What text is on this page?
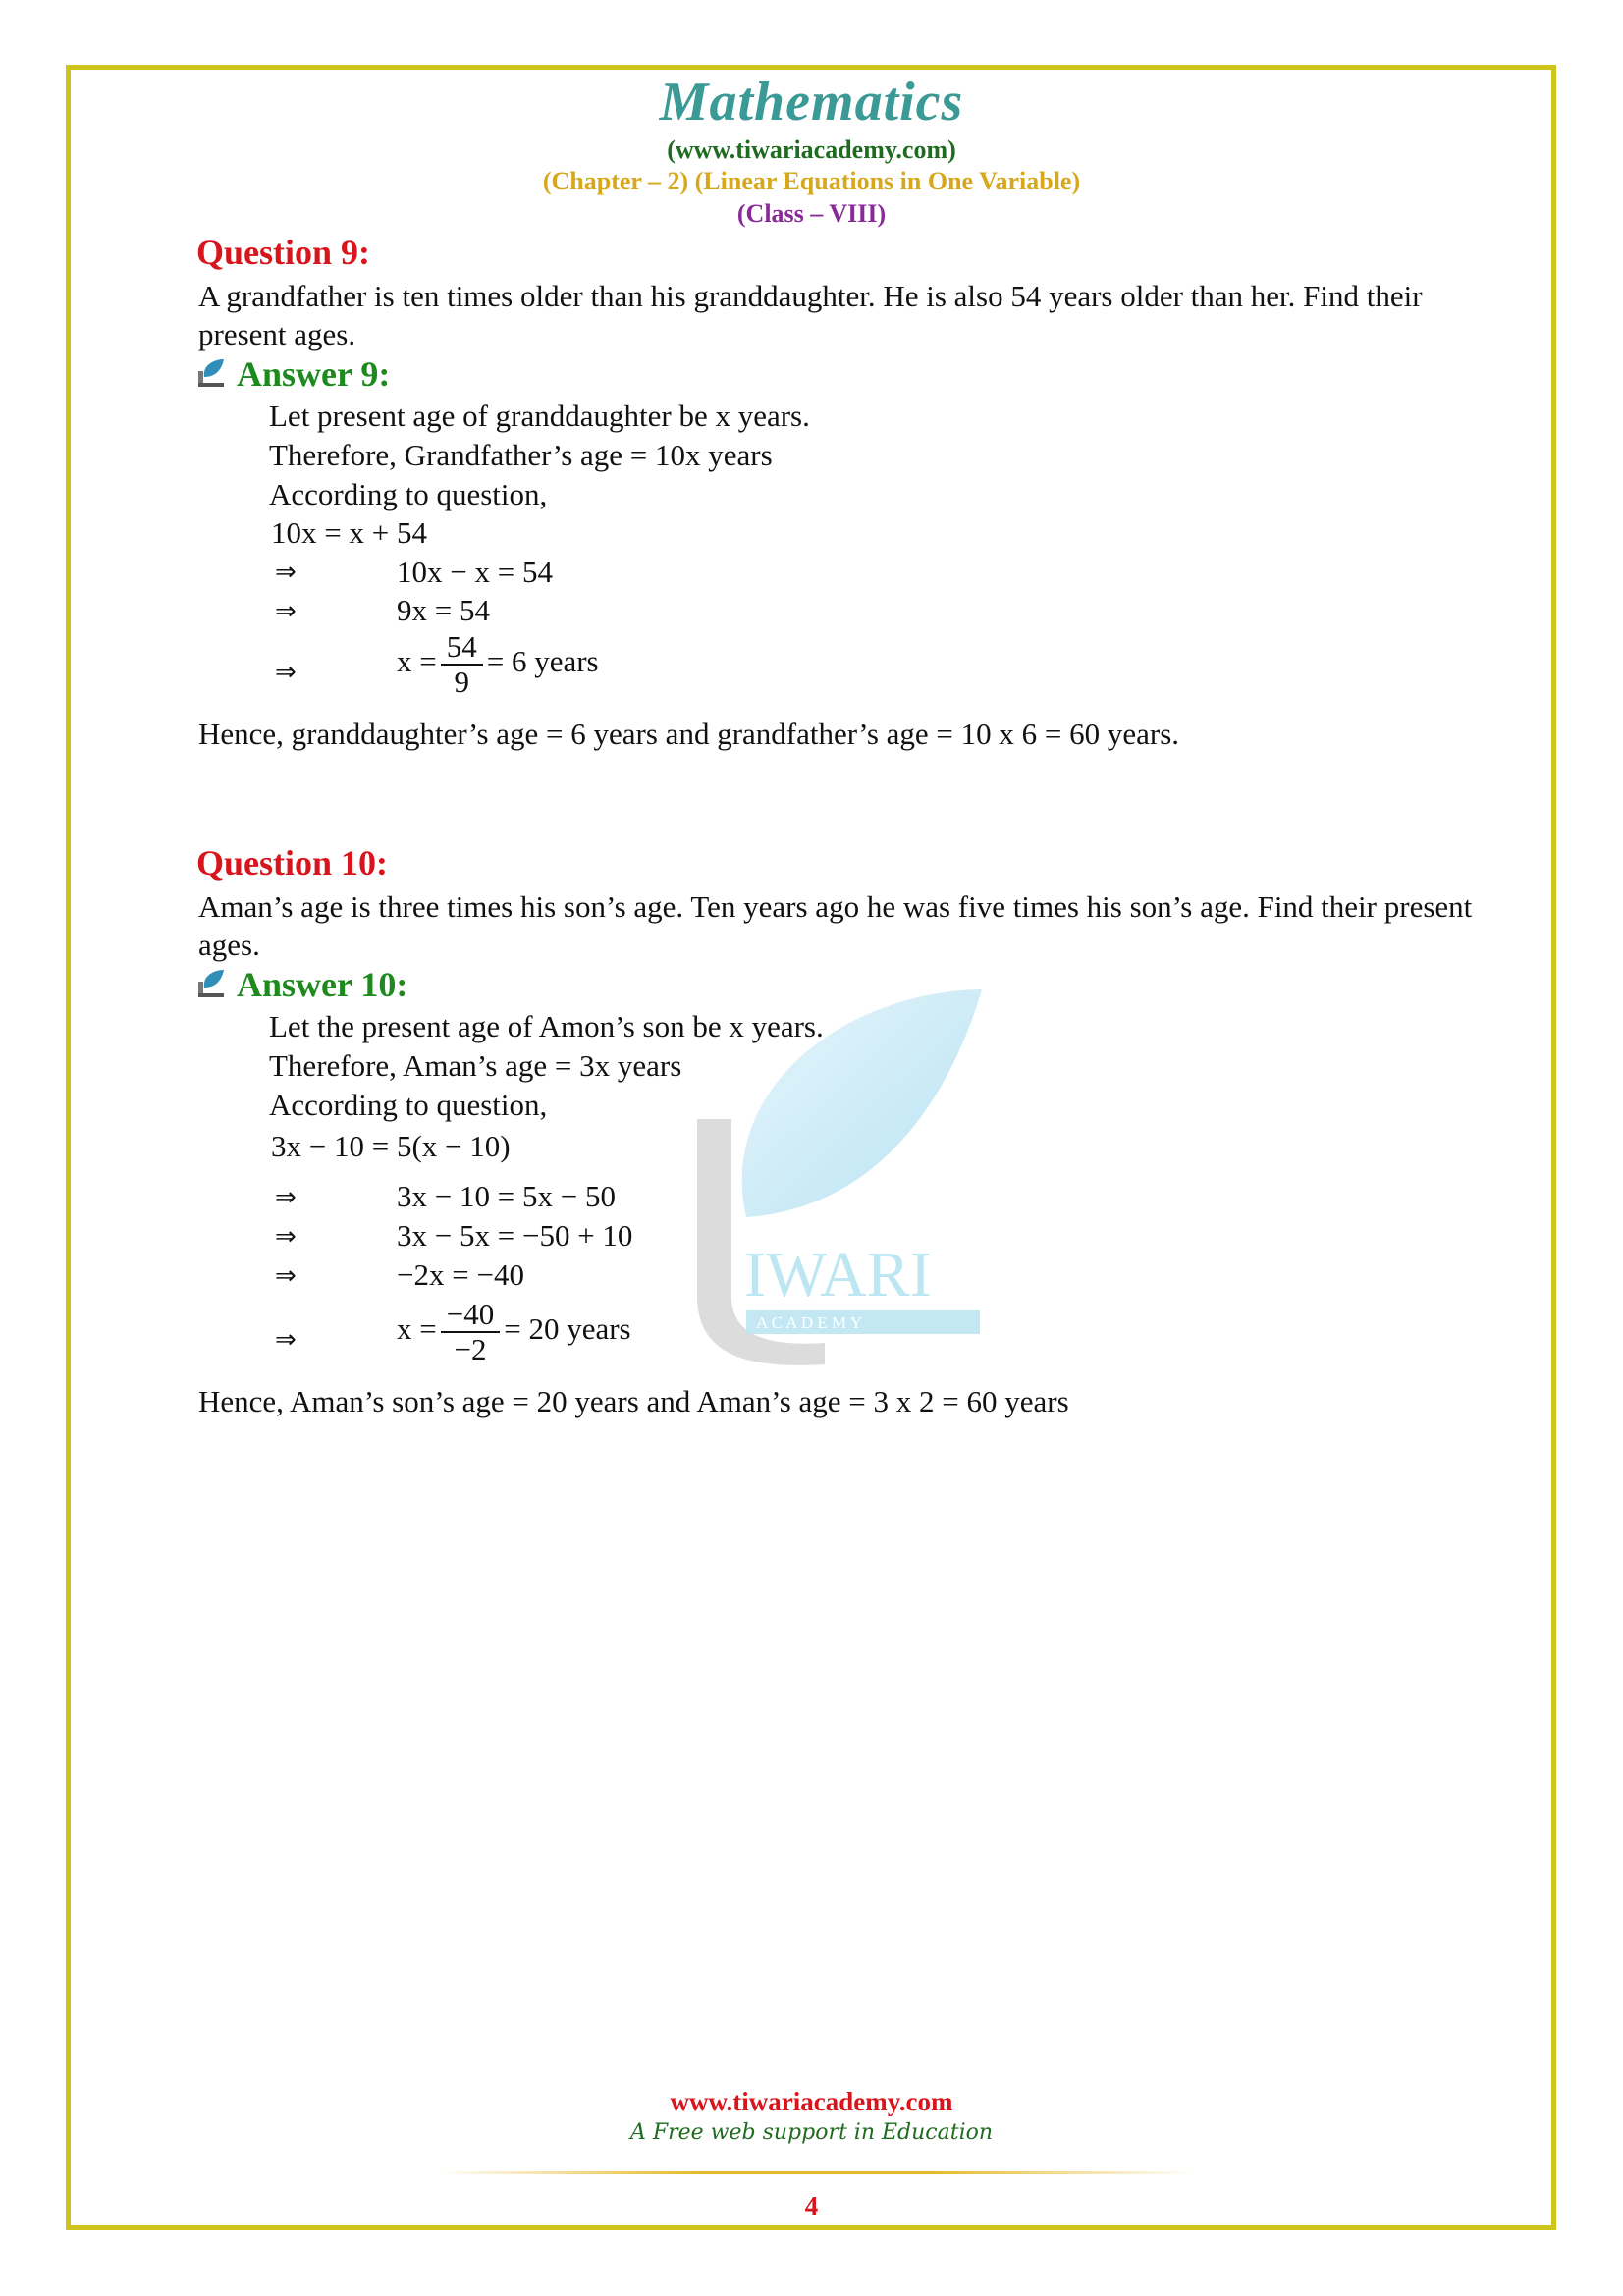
IWARI
A C A D E M Y
Mathematics
(www.tiwariacademy.com)
(Chapter – 2) (Linear Equations in One Variable)
(Class – VIII)
Question 9:
A grandfather is ten times older than his granddaughter. He is also 54 years older than her. Find their present ages.
Answer 9:
Let present age of granddaughter be x years.
Therefore, Grandfather’s age = 10x years
According to question,
10x = x + 54
⇒	10x − x = 54
⇒	9x = 54
⇒	$x = \frac{54}{9} = 6$ years
Hence, granddaughter’s age = 6 years and grandfather’s age = 10 x 6 = 60 years.
Question 10:
Aman’s age is three times his son’s age. Ten years ago he was five times his son’s age. Find their present ages.
Answer 10:
Let the present age of Amon’s son be x years.
Therefore, Aman’s age = 3x years
According to question,
3x − 10 = 5(x − 10)
⇒	3x − 10 = 5x − 50
⇒	3x − 5x = −50 + 10
⇒	−2x = −40
⇒	$x = \frac{-40}{-2} = 20$ years
Hence, Aman’s son’s age = 20 years and Aman’s age = 3 x 2 = 60 years
www.tiwariacademy.com
A Free web support in Education
4
